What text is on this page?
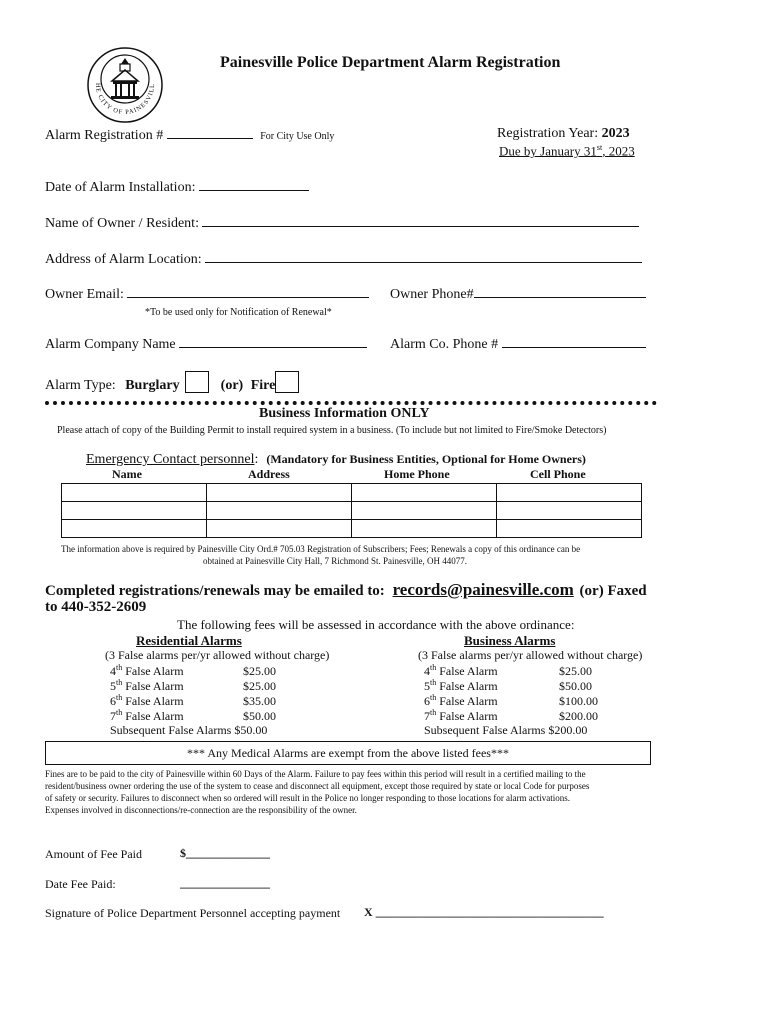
HE CITY OF PAINESVILL
Painesville Police Department Alarm Registration
Alarm Registration #	For City Use Only	Registration Year: 2023
Due by January 31st, 2023
Date of Alarm Installation:
Name of Owner / Resident:
Address of Alarm Location:
Owner Email:	Owner Phone#
*To be used only for Notification of Renewal*
Alarm Company Name	Alarm Co. Phone #
Alarm Type: Burglary	(or) Fire
Business Information ONLY
Please attach of copy of the Building Permit to install required system in a business. (To include but not limited to Fire/Smoke Detectors)
Emergency Contact personnel: (Mandatory for Business Entities, Optional for Home Owners)
Name	Address	Home Phone	Cell Phone

The information above is required by Painesville City Ord.# 705.03 Registration of Subscribers; Fees; Renewals a copy of this ordinance can be
obtained at Painesville City Hall, 7 Richmond St. Painesville, OH 44077.
Completed registrations/renewals may be emailed to: records@painesville.com (or) Faxed
to 440-352-2609
The following fees will be assessed in accordance with the above ordinance:
Residential Alarms
(3 False alarms per/yr allowed without charge)
4th False Alarm	$25.00
5th False Alarm	$25.00
6th False Alarm	$35.00
7th False Alarm	$50.00
Subsequent False Alarms $50.00
Business Alarms
(3 False alarms per/yr allowed without charge)
4th False Alarm	$25.00
5th False Alarm	$50.00
6th False Alarm	$100.00
7th False Alarm	$200.00
Subsequent False Alarms $200.00
*** Any Medical Alarms are exempt from the above listed fees***
Fines are to be paid to the city of Painesville within 60 Days of the Alarm. Failure to pay fees within this period will result in a certified mailing to the
resident/business owner ordering the use of the system to cease and disconnect all equipment, except those required by state or local Code for purposes
of safety or security. Failures to disconnect when so ordered will result in the Police no longer responding to those locations for alarm activations.
Expenses involved in disconnections/re-connection are the responsibility of the owner.
Amount of Fee Paid	$______________
Date Fee Paid:	_______________
Signature of Police Department Personnel accepting payment X ______________________________________
